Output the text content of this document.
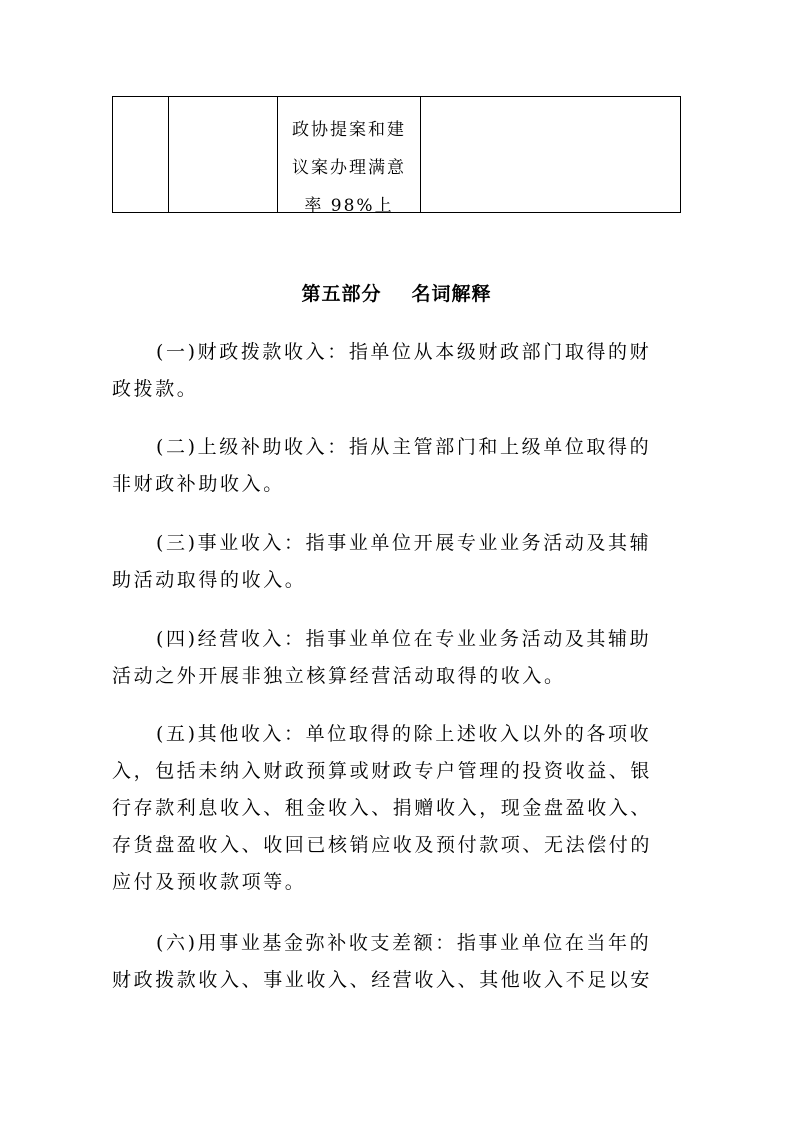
政协提案和建
议案办理满意
率 98%上
第五部分 名词解释
(一)财政拨款收入：指单位从本级财政部门取得的财
政拨款。
(二)上级补助收入：指从主管部门和上级单位取得的
非财政补助收入。
(三)事业收入：指事业单位开展专业业务活动及其辅
助活动取得的收入。
(四)经营收入：指事业单位在专业业务活动及其辅助
活动之外开展非独立核算经营活动取得的收入。
(五)其他收入：单位取得的除上述收入以外的各项收
入，包括未纳入财政预算或财政专户管理的投资收益、银
行存款利息收入、租金收入、捐赠收入，现金盘盈收入、
存货盘盈收入、收回已核销应收及预付款项、无法偿付的
应付及预收款项等。
(六)用事业基金弥补收支差额：指事业单位在当年的
财政拨款收入、事业收入、经营收入、其他收入不足以安
